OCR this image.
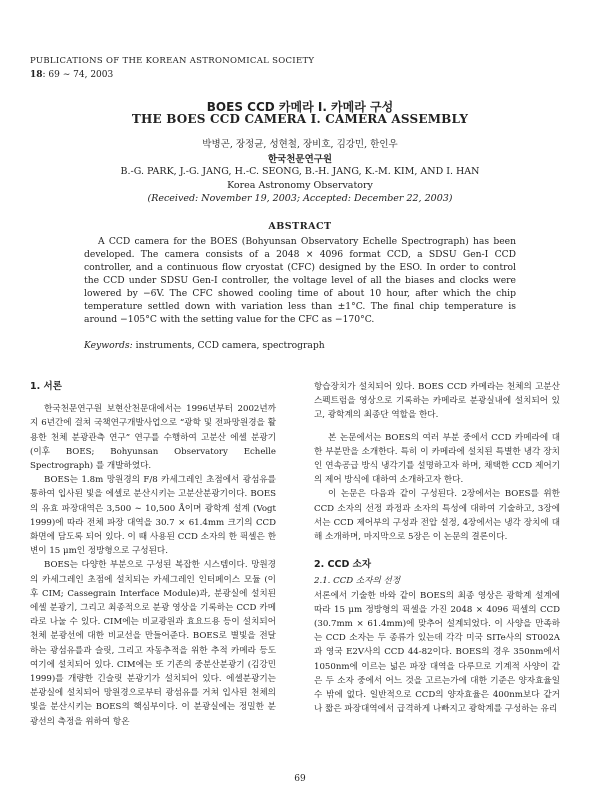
PUBLICATIONS OF THE KOREAN ASTRONOMICAL SOCIETY
18: 69 ∼ 74, 2003
BOES CCD 카메라 I. 카메라 구성
THE BOES CCD CAMERA I. CAMERA ASSEMBLY
박병곤, 장정균, 성현철, 장비호, 김강민, 한인우
한국천문연구원
B.-G. PARK, J.-G. JANG, H.-C. SEONG, B.-H. JANG, K.-M. KIM, AND I. HAN
Korea Astronomy Observatory
(Received: November 19, 2003; Accepted: December 22, 2003)
ABSTRACT
A CCD camera for the BOES (Bohyunsan Observatory Echelle Spectrograph) has been developed. The camera consists of a 2048 × 4096 format CCD, a SDSU Gen-I CCD controller, and a continuous flow cryostat (CFC) designed by the ESO. In order to control the CCD under SDSU Gen-I controller, the voltage level of all the biases and clocks were lowered by −6V. The CFC showed cooling time of about 10 hour, after which the chip temperature settled down with variation less than ±1°C. The final chip temperature is around −105°C with the setting value for the CFC as −170°C.
Keywords: instruments, CCD camera, spectrograph
1. 서론

한국천문연구원 보현산천문대에서는 1996년부터 2002년까지 6년간에 걸쳐 국책연구개발사업으로 “광학 및 전파망원경을 활용한 천체 분광관측 연구” 연구를 수행하여 고분산 에셀 분광기 (이후 BOES; Bohyunsan Observatory Echelle Spectrograph) 를 개발하였다.

BOES는 1.8m 망원경의 F/8 카세그레인 초점에서 광섬유를 통하여 입사된 빛을 에셀로 분산시키는 고분산분광기이다. BOES의 유효 파장대역은 3,500 ∼ 10,500 Å이며 광학계 설계 (Vogt 1999)에 따라 전체 파장 대역을 30.7 × 61.4mm 크기의 CCD 화면에 담도록 되어 있다. 이 때 사용된 CCD 소자의 한 픽셀은 한 변이 15 μm인 정방형으로 구성된다.

BOES는 다양한 부분으로 구성된 복잡한 시스템이다. 망원경의 카세그레인 초점에 설치되는 카세그레인 인터페이스 모듈 (이후 CIM; Cassegrain Interface Module)과, 분광실에 설치된 에셀 분광기, 그리고 최종적으로 분광 영상을 기록하는 CCD 카메라로 나눌 수 있다. CIM에는 비교광원과 효요드용 등이 설치되어 천체 분광선에 대한 비교선을 만들어준다. BOES로 별빛을 전달하는 광섬유를과 슬릿, 그리고 자동추적을 위한 추적 카메라 등도 여기에 설치되어 있다. CIM에는 또 기존의 중분산분광기 (김강민 1999)를 개량한 긴슬릿 분광기가 설치되어 있다. 에셀분광기는 분광실에 설치되어 망원경으로부터 광섬유를 거쳐 입사된 천체의 빛을 분산시키는 BOES의 핵심부이다. 이 분광실에는 정밀한 분광선의 측정을 위하여 항온

항습장치가 설치되어 있다. BOES CCD 카메라는 천체의 고분산 스펙트럼을 영상으로 기록하는 카메라로 분광실내에 설치되어 있고, 광학계의 최종단 역할을 한다.

본 논문에서는 BOES의 여러 부분 중에서 CCD 카메라에 대한 부분만을 소개한다. 특히 이 카메라에 설치된 특별한 냉각 장치인 연속공급 방식 냉각기를 설명하고자 하며, 채택한 CCD 제어기의 제어 방식에 대하여 소개하고자 한다.

이 논문은 다음과 같이 구성된다. 2장에서는 BOES를 위한 CCD 소자의 선정 과정과 소자의 특성에 대하여 기술하고, 3장에서는 CCD 제어부의 구성과 전압 설정, 4장에서는 냉각 장치에 대해 소개하며, 마지막으로 5장은 이 논문의 결론이다.

2. CCD 소자

2.1. CCD 소자의 선정

서론에서 기술한 바와 같이 BOES의 최종 영상은 광학계 설계에 따라 15 μm 정방형의 픽셀을 가진 2048 × 4096 픽셀의 CCD (30.7mm × 61.4mm)에 맞추어 설계되었다. 이 사양을 만족하는 CCD 소자는 두 종류가 있는데 각각 미국 SITe사의 ST002A과 영국 E2V사의 CCD 44-82이다. BOES의 경우 350nm에서 1050nm에 이르는 넓은 파장 대역을 다루므로 기계적 사양이 같은 두 소자 중에서 어느 것을 고르는가에 대한 기준은 양자효율일 수 밖에 없다. 일반적으로 CCD의 양자효율은 400nm보다 같거나 짧은 파장대역에서 급격하게 나빠지고 광학계를 구성하는 유리

69
